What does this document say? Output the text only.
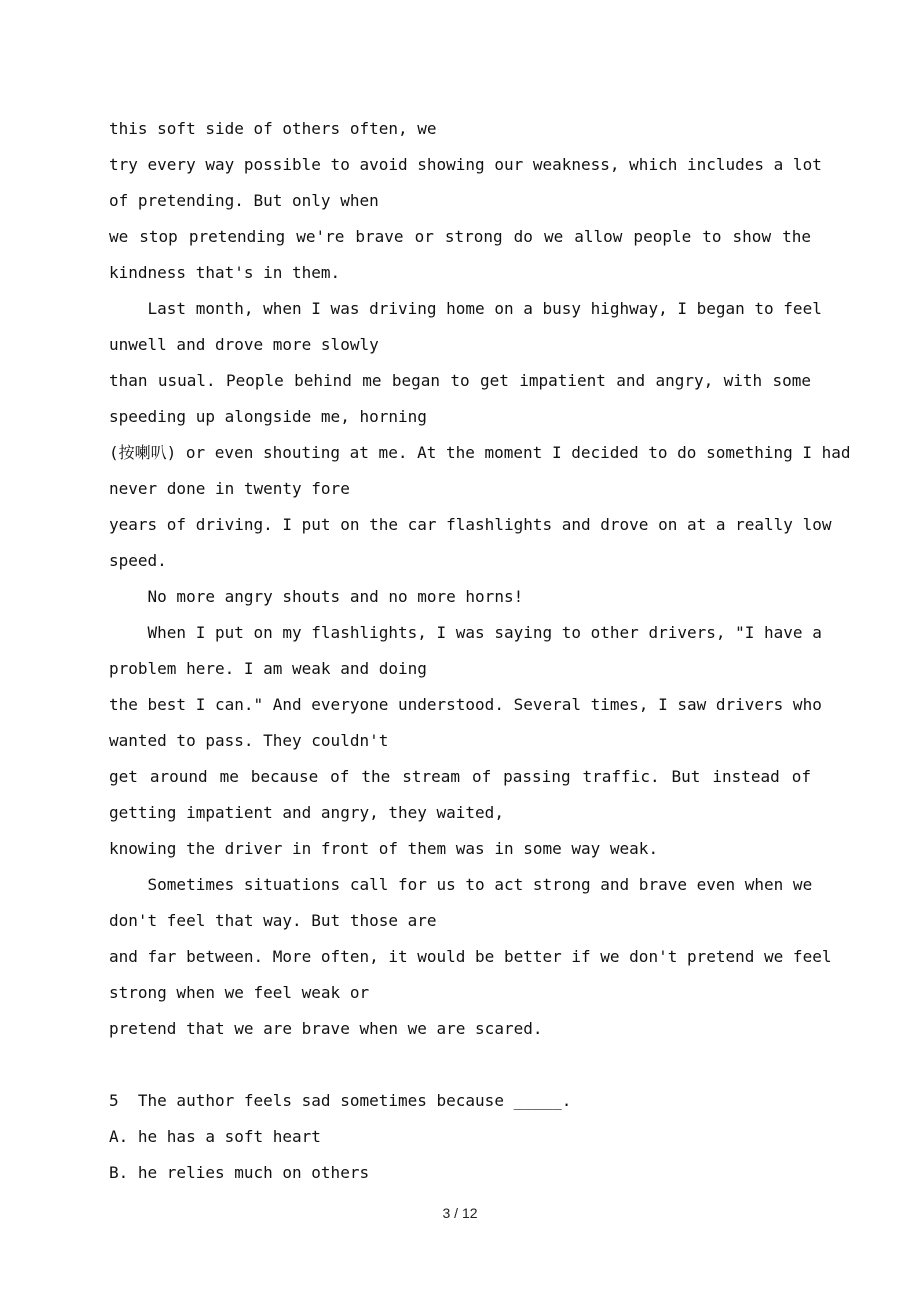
this soft side of others often, we
try every way possible to avoid showing our weakness, which includes a lot
of pretending. But only when
we stop pretending we're brave or strong do we allow people to show the
kindness that's in them.
Last month, when I was driving home on a busy highway, I began to feel
unwell and drove more slowly
than usual. People behind me began to get impatient and angry, with some
speeding up alongside me, horning
(按喇叭) or even shouting at me. At the moment I decided to do something I had
never done in twenty fore
years of driving. I put on the car flashlights and drove on at a really low
speed.
No more angry shouts and no more horns!
When I put on my flashlights, I was saying to other drivers, "I have a
problem here. I am weak and doing
the best I can." And everyone understood. Several times, I saw drivers who
wanted to pass. They couldn't
get around me because of the stream of passing traffic. But instead of
getting impatient and angry, they waited,
knowing the driver in front of them was in some way weak.
Sometimes situations call for us to act strong and brave even when we
don't feel that way. But those are
and far between. More often, it would be better if we don't pretend we feel
strong when we feel weak or
pretend that we are brave when we are scared.
5  The author feels sad sometimes because _____.
A. he has a soft heart
B. he relies much on others
3 / 12
